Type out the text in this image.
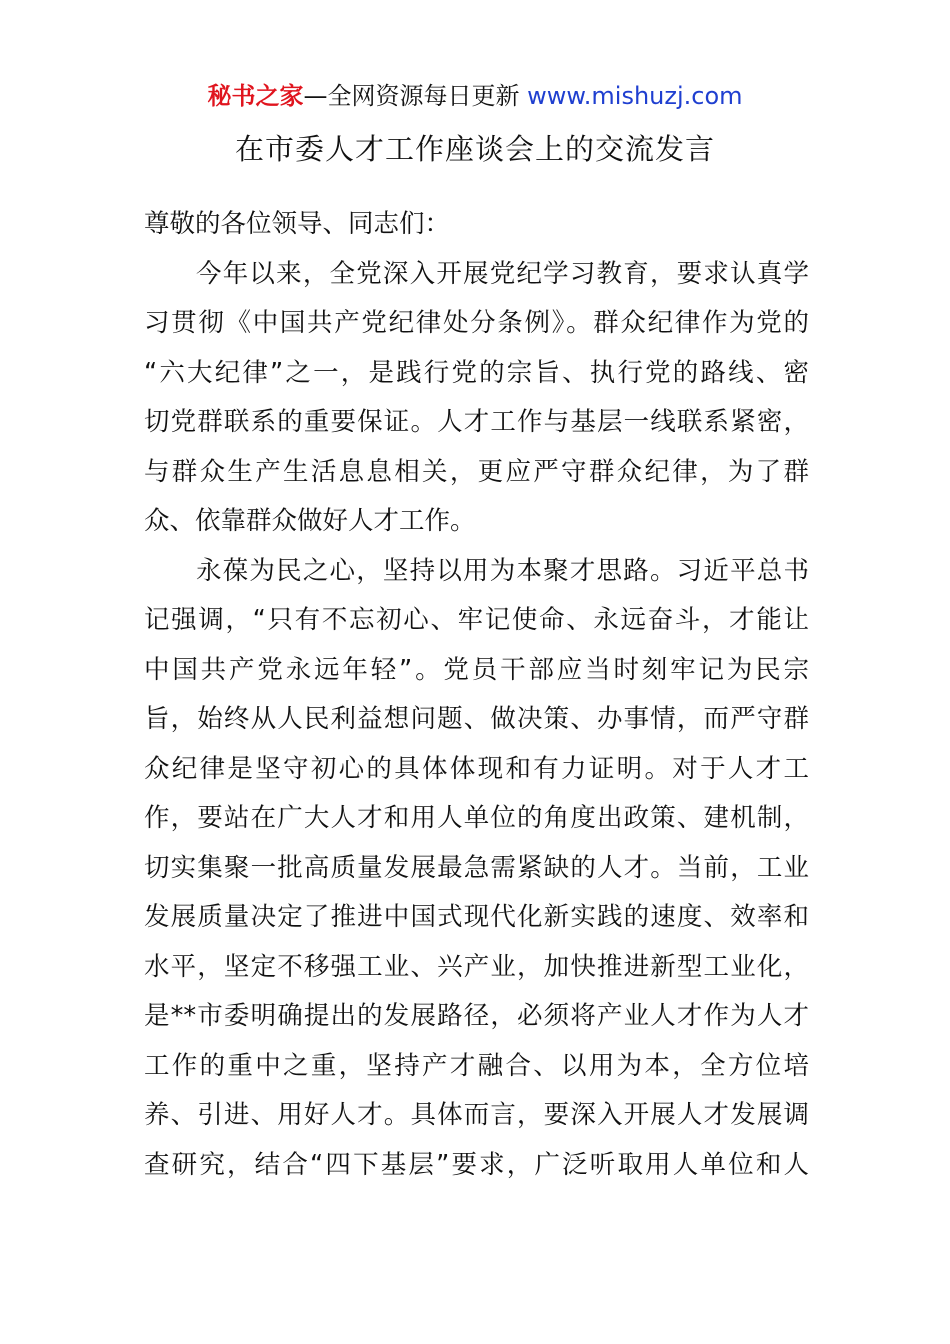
秘书之家—全网资源每日更新 www.mishuzj.com
在市委人才工作座谈会上的交流发言
尊敬的各位领导、同志们：
今年以来，全党深入开展党纪学习教育，要求认真学
习贯彻《中国共产党纪律处分条例》。群众纪律作为党的
“六大纪律”之一，是践行党的宗旨、执行党的路线、密
切党群联系的重要保证。人才工作与基层一线联系紧密，
与群众生产生活息息相关，更应严守群众纪律，为了群
众、依靠群众做好人才工作。
永葆为民之心，坚持以用为本聚才思路。习近平总书
记强调，“只有不忘初心、牢记使命、永远奋斗，才能让
中国共产党永远年轻”。党员干部应当时刻牢记为民宗
旨，始终从人民利益想问题、做决策、办事情，而严守群
众纪律是坚守初心的具体体现和有力证明。对于人才工
作，要站在广大人才和用人单位的角度出政策、建机制，
切实集聚一批高质量发展最急需紧缺的人才。当前，工业
发展质量决定了推进中国式现代化新实践的速度、效率和
水平，坚定不移强工业、兴产业，加快推进新型工业化，
是**市委明确提出的发展路径，必须将产业人才作为人才
工作的重中之重，坚持产才融合、以用为本，全方位培
养、引进、用好人才。具体而言，要深入开展人才发展调
查研究，结合“四下基层”要求，广泛听取用人单位和人
